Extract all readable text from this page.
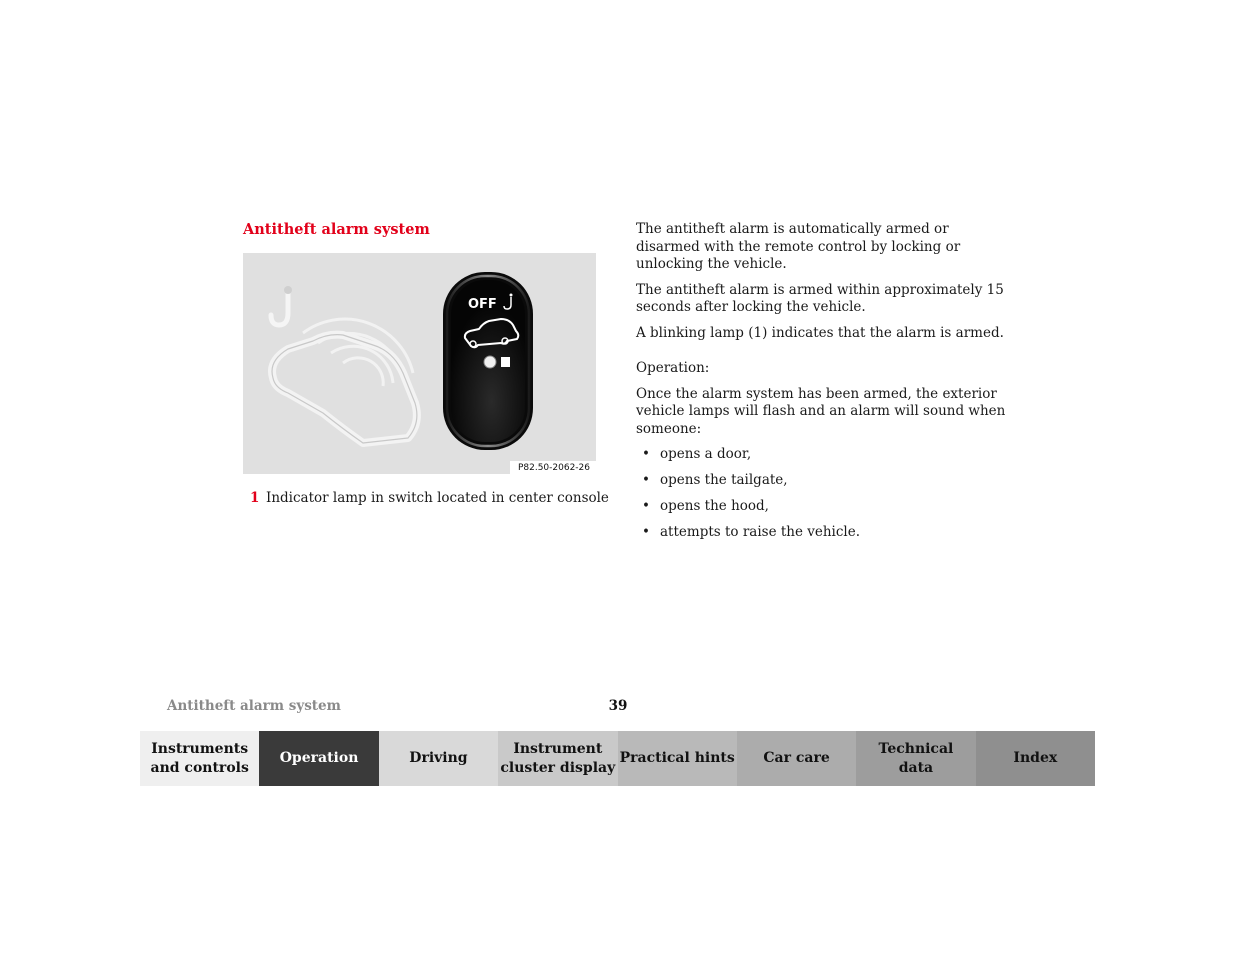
Antitheft alarm system
OFF
P82.50-2062-26
1 Indicator lamp in switch located in center console

The antitheft alarm is automatically armed or disarmed with the remote control by locking or unlocking the vehicle.

The antitheft alarm is armed within approximately 15 seconds after locking the vehicle.

A blinking lamp (1) indicates that the alarm is armed.

Operation:

Once the alarm system has been armed, the exterior vehicle lamps will flash and an alarm will sound when someone:

• opens a door,
• opens the tailgate,
• opens the hood,
• attempts to raise the vehicle.
Antitheft alarm system	39
Instruments
and controls
Operation	Driving
Instrument
cluster display
Practical hints Car care
Technical
data
Index
